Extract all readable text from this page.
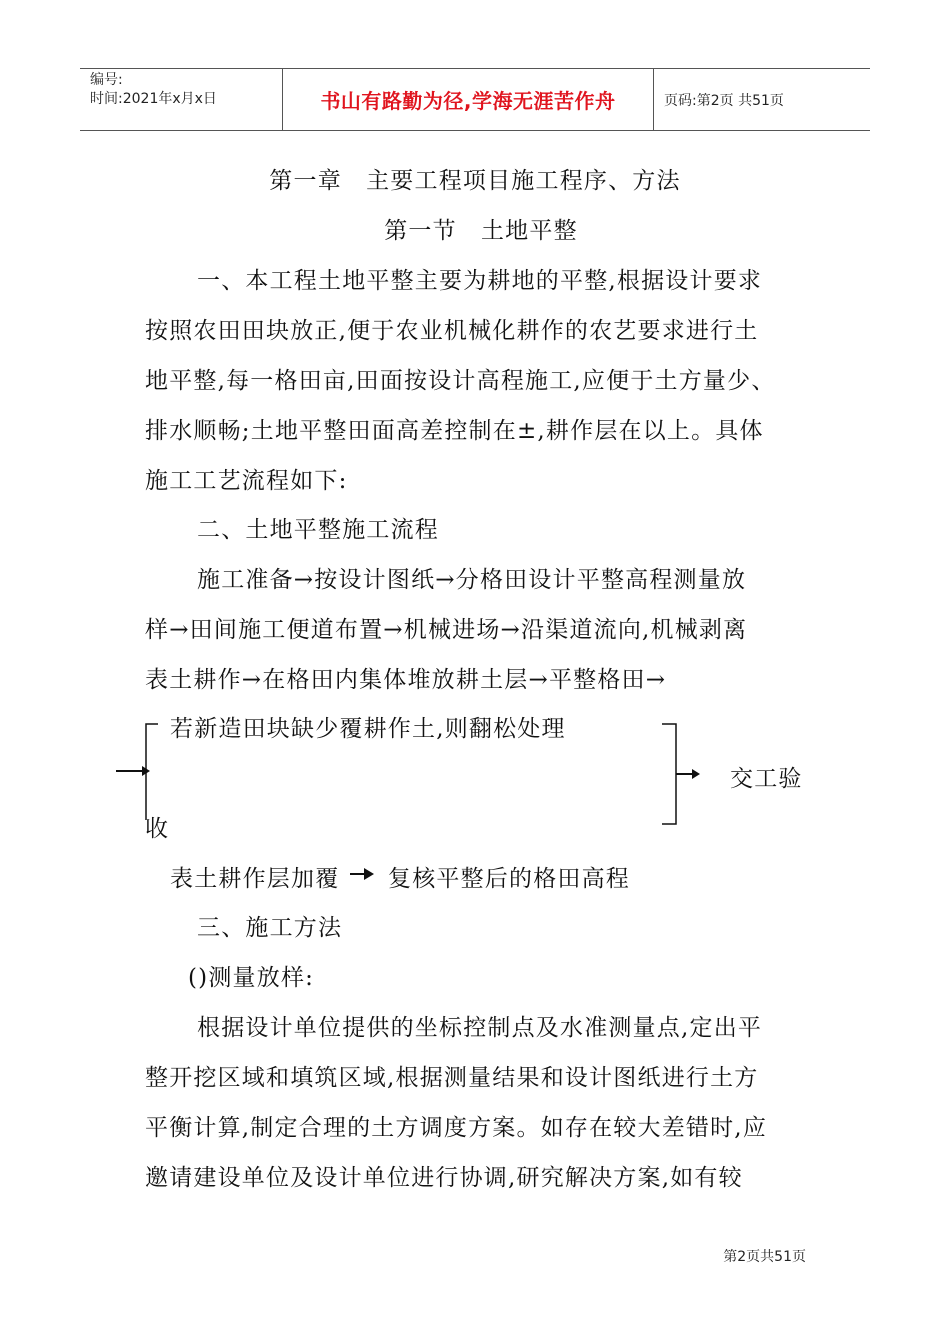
编号:
时间:2021年x月x日	书山有路勤为径,学海无涯苦作舟	页码:第2页 共51页
第一章　主要工程项目施工程序、方法
第一节　土地平整
一、本工程土地平整主要为耕地的平整,根据设计要求
按照农田田块放正,便于农业机械化耕作的农艺要求进行土
地平整,每一格田亩,田面按设计高程施工,应便于土方量少、
排水顺畅;土地平整田面高差控制在±,耕作层在以上。具体
施工工艺流程如下:
二、土地平整施工流程
施工准备→按设计图纸→分格田设计平整高程测量放
样→田间施工便道布置→机械进场→沿渠道流向,机械剥离
表土耕作→在格田内集体堆放耕土层→平整格田→
若新造田块缺少覆耕作土,则翻松处理
交工验
收
表土耕作层加覆 复核平整后的格田高程
三、施工方法
()测量放样:
根据设计单位提供的坐标控制点及水准测量点,定出平
整开挖区域和填筑区域,根据测量结果和设计图纸进行土方
平衡计算,制定合理的土方调度方案。如存在较大差错时,应
邀请建设单位及设计单位进行协调,研究解决方案,如有较
第2页共51页
